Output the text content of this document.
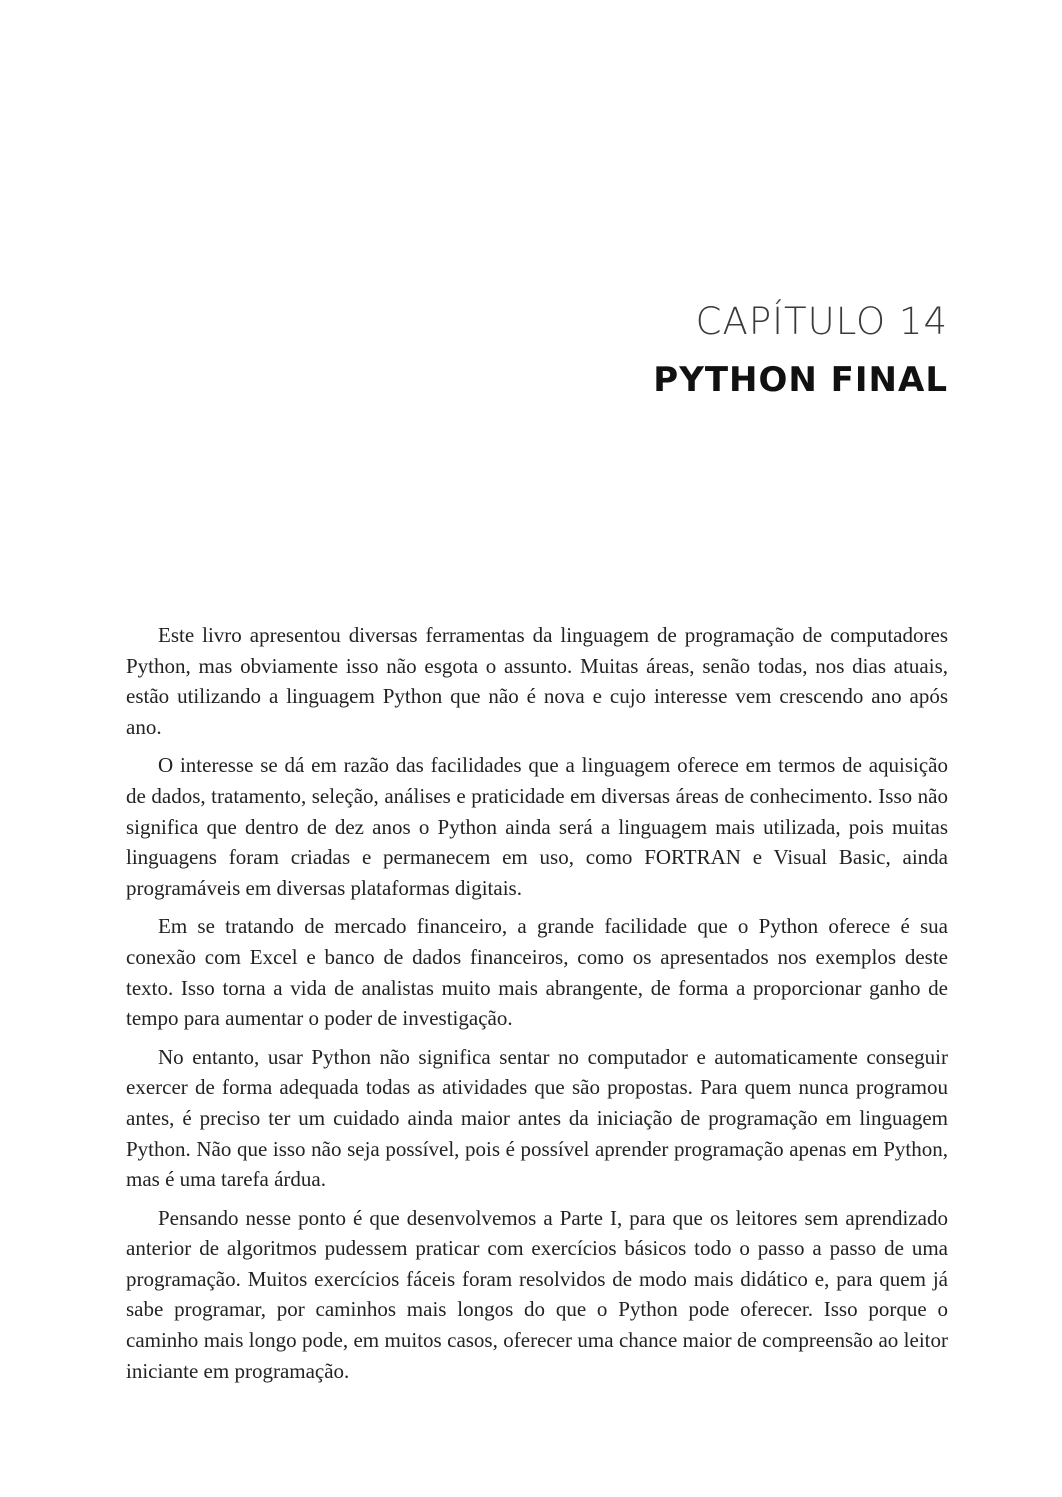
CAPÍTULO 14
PYTHON FINAL

Este livro apresentou diversas ferramentas da linguagem de programação de computadores Python, mas obviamente isso não esgota o assunto. Muitas áreas, senão todas, nos dias atuais, estão utilizando a linguagem Python que não é nova e cujo interesse vem crescendo ano após ano.

O interesse se dá em razão das facilidades que a linguagem oferece em termos de aquisição de dados, tratamento, seleção, análises e praticidade em diversas áreas de conhecimento. Isso não significa que dentro de dez anos o Python ainda será a linguagem mais utilizada, pois muitas linguagens foram criadas e permanecem em uso, como FORTRAN e Visual Basic, ainda programáveis em diversas plataformas digitais.

Em se tratando de mercado financeiro, a grande facilidade que o Python oferece é sua conexão com Excel e banco de dados financeiros, como os apresentados nos exemplos deste texto. Isso torna a vida de analistas muito mais abrangente, de forma a proporcionar ganho de tempo para aumentar o poder de investigação.

No entanto, usar Python não significa sentar no computador e automaticamente conseguir exercer de forma adequada todas as atividades que são propostas. Para quem nunca programou antes, é preciso ter um cuidado ainda maior antes da iniciação de programação em linguagem Python. Não que isso não seja possível, pois é possível aprender programação apenas em Python, mas é uma tarefa árdua.

Pensando nesse ponto é que desenvolvemos a Parte I, para que os leitores sem aprendizado anterior de algoritmos pudessem praticar com exercícios básicos todo o passo a passo de uma programação. Muitos exercícios fáceis foram resolvidos de modo mais didático e, para quem já sabe programar, por caminhos mais longos do que o Python pode oferecer. Isso porque o caminho mais longo pode, em muitos casos, oferecer uma chance maior de compreensão ao leitor iniciante em programação.
